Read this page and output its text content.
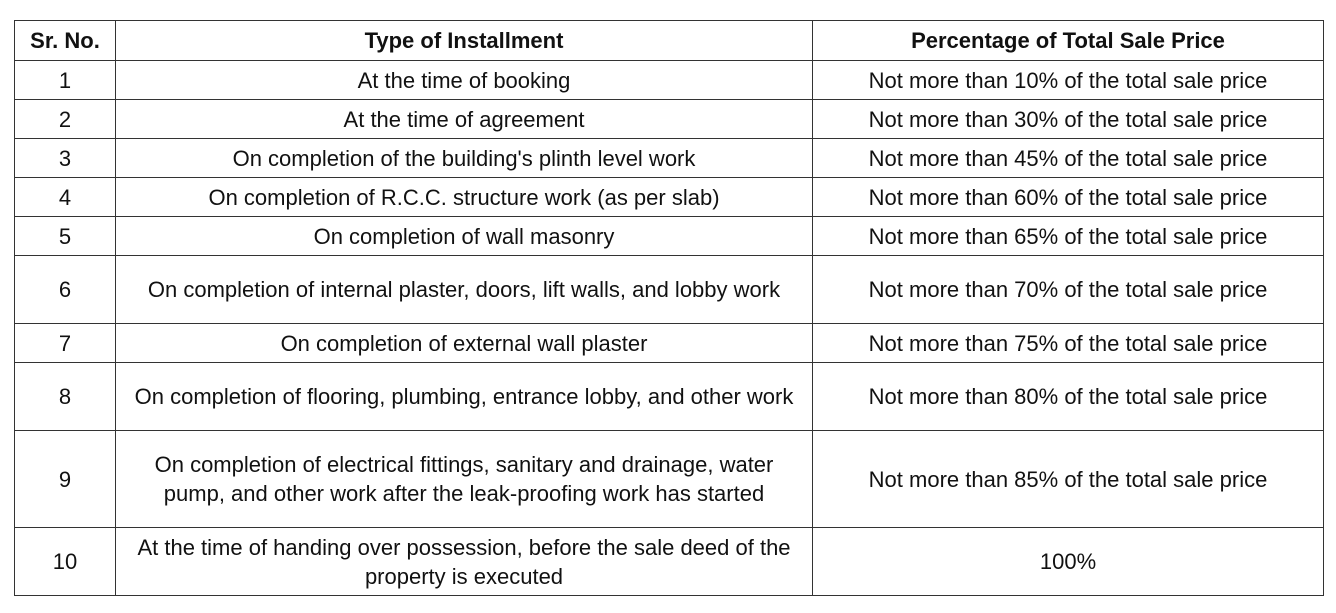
Sr. No.	Type of Installment	Percentage of Total Sale Price
1	At the time of booking	Not more than 10% of the total sale price
2	At the time of agreement	Not more than 30% of the total sale price
3	On completion of the building's plinth level work	Not more than 45% of the total sale price
4	On completion of R.C.C. structure work (as per slab)	Not more than 60% of the total sale price
5	On completion of wall masonry	Not more than 65% of the total sale price
6	On completion of internal plaster, doors, lift walls, and lobby work	Not more than 70% of the total sale price
7	On completion of external wall plaster	Not more than 75% of the total sale price
8	On completion of flooring, plumbing, entrance lobby, and other work	Not more than 80% of the total sale price
9	On completion of electrical fittings, sanitary and drainage, water pump, and other work after the leak-proofing work has started	Not more than 85% of the total sale price
10	At the time of handing over possession, before the sale deed of the property is executed	100%
